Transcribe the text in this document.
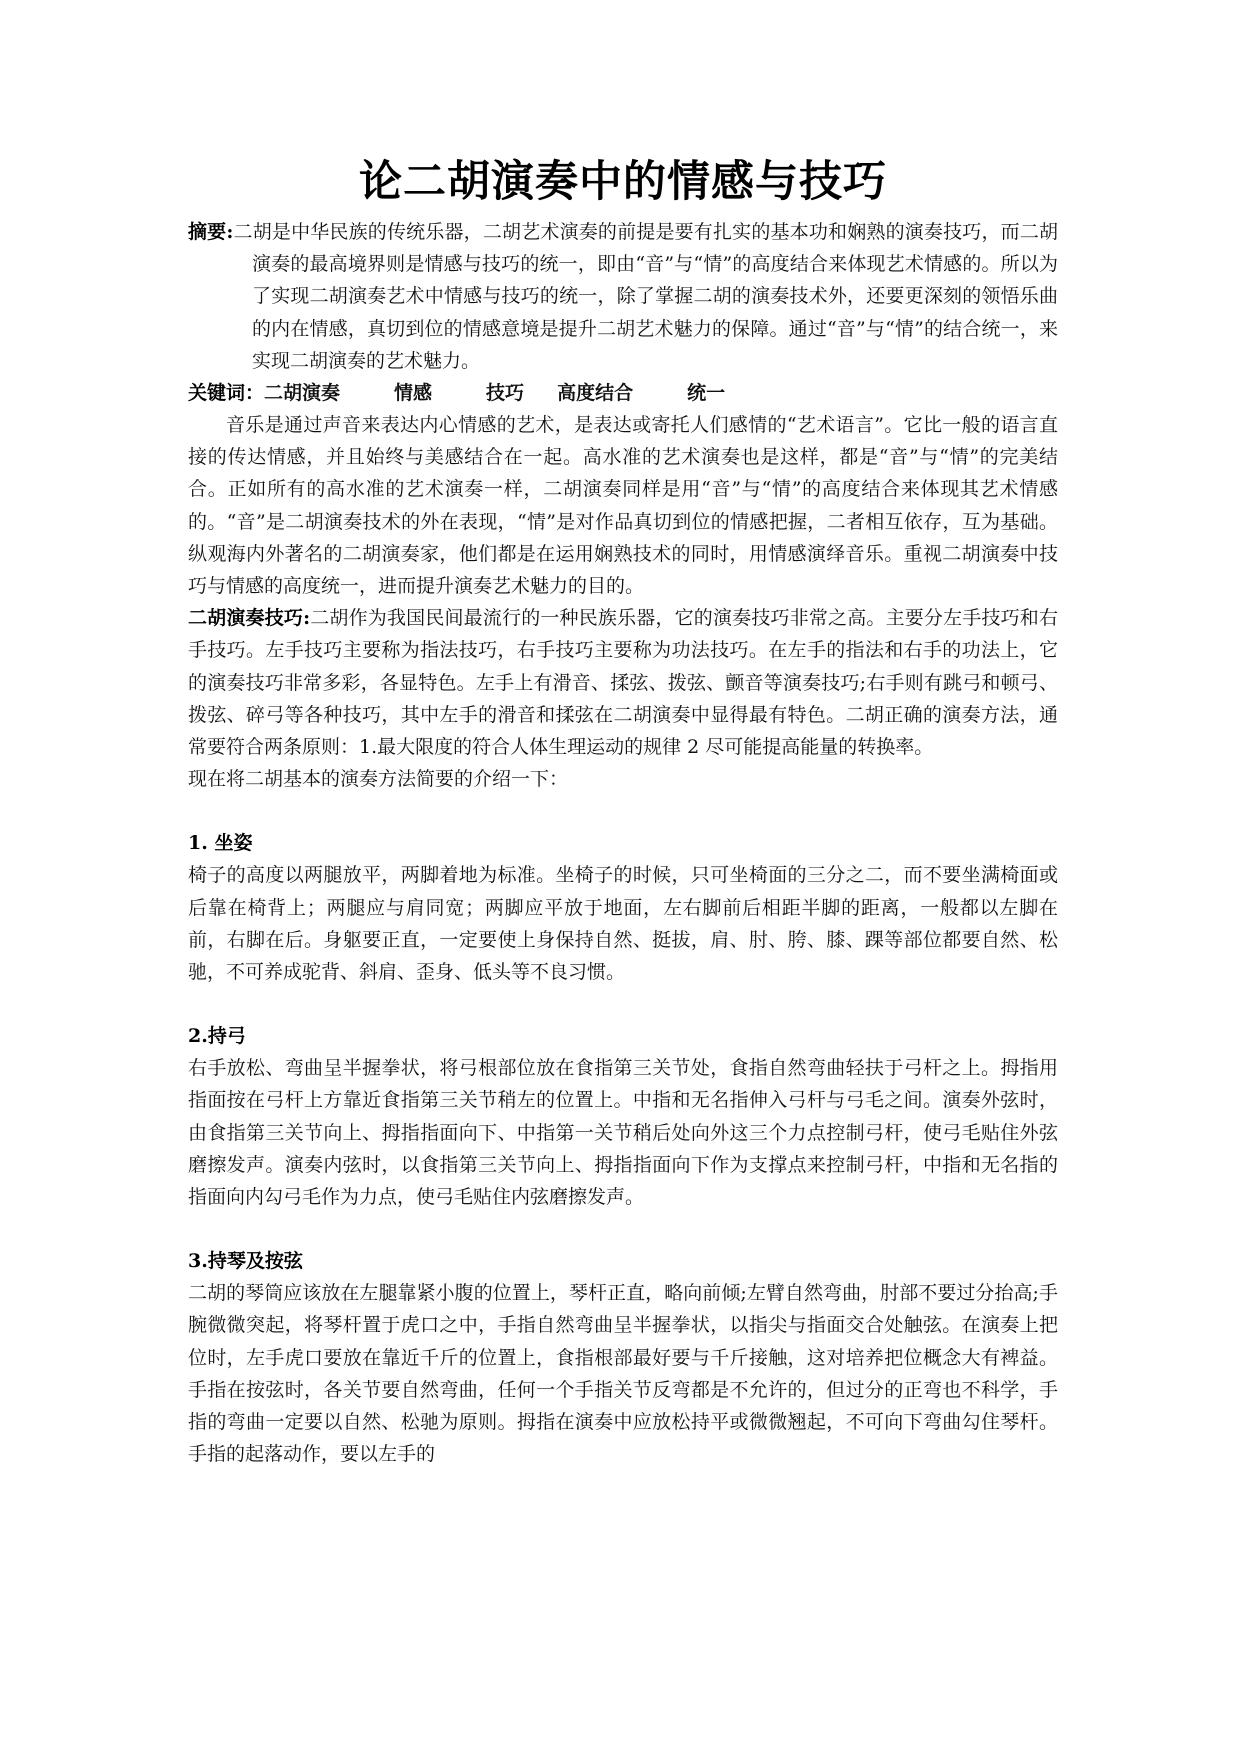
论二胡演奏中的情感与技巧
摘要:二胡是中华民族的传统乐器，二胡艺术演奏的前提是要有扎实的基本功和娴熟的演奏技巧，而二胡演奏的最高境界则是情感与技巧的统一，即由“音”与“情”的高度结合来体现艺术情感的。所以为了实现二胡演奏艺术中情感与技巧的统一，除了掌握二胡的演奏技术外，还要更深刻的领悟乐曲的内在情感，真切到位的情感意境是提升二胡艺术魅力的保障。通过“音”与“情”的结合统一，来实现二胡演奏的艺术魅力。
关键词：二胡演奏	情感	技巧 高度结合	统一

音乐是通过声音来表达内心情感的艺术，是表达或寄托人们感情的“艺术语言”。它比一般的语言直接的传达情感，并且始终与美感结合在一起。高水准的艺术演奏也是这样，都是“音”与“情”的完美结合。正如所有的高水准的艺术演奏一样，二胡演奏同样是用“音”与“情”的高度结合来体现其艺术情感的。“音”是二胡演奏技术的外在表现，“情”是对作品真切到位的情感把握，二者相互依存，互为基础。纵观海内外著名的二胡演奏家，他们都是在运用娴熟技术的同时，用情感演绎音乐。重视二胡演奏中技巧与情感的高度统一，进而提升演奏艺术魅力的目的。

二胡演奏技巧:二胡作为我国民间最流行的一种民族乐器，它的演奏技巧非常之高。主要分左手技巧和右手技巧。左手技巧主要称为指法技巧，右手技巧主要称为功法技巧。在左手的指法和右手的功法上，它的演奏技巧非常多彩，各显特色。左手上有滑音、揉弦、拨弦、颤音等演奏技巧;右手则有跳弓和顿弓、拨弦、碎弓等各种技巧，其中左手的滑音和揉弦在二胡演奏中显得最有特色。二胡正确的演奏方法，通常要符合两条原则：1.最大限度的符合人体生理运动的规律 2 尽可能提高能量的转换率。

现在将二胡基本的演奏方法简要的介绍一下：

1. 坐姿

椅子的高度以两腿放平，两脚着地为标准。坐椅子的时候，只可坐椅面的三分之二，而不要坐满椅面或后靠在椅背上；两腿应与肩同宽；两脚应平放于地面，左右脚前后相距半脚的距离，一般都以左脚在前，右脚在后。身躯要正直，一定要使上身保持自然、挺拔，肩、肘、胯、膝、踝等部位都要自然、松驰，不可养成驼背、斜肩、歪身、低头等不良习惯。

2.持弓

右手放松、弯曲呈半握拳状，将弓根部位放在食指第三关节处，食指自然弯曲轻扶于弓杆之上。拇指用指面按在弓杆上方靠近食指第三关节稍左的位置上。中指和无名指伸入弓杆与弓毛之间。演奏外弦时，由食指第三关节向上、拇指指面向下、中指第一关节稍后处向外这三个力点控制弓杆，使弓毛贴住外弦磨擦发声。演奏内弦时，以食指第三关节向上、拇指指面向下作为支撑点来控制弓杆，中指和无名指的指面向内勾弓毛作为力点，使弓毛贴住内弦磨擦发声。

3.持琴及按弦

二胡的琴筒应该放在左腿靠紧小腹的位置上，琴杆正直，略向前倾;左臂自然弯曲，肘部不要过分抬高;手腕微微突起，将琴杆置于虎口之中，手指自然弯曲呈半握拳状，以指尖与指面交合处触弦。在演奏上把位时，左手虎口要放在靠近千斤的位置上，食指根部最好要与千斤接触，这对培养把位概念大有裨益。手指在按弦时，各关节要自然弯曲，任何一个手指关节反弯都是不允许的，但过分的正弯也不科学，手指的弯曲一定要以自然、松驰为原则。拇指在演奏中应放松持平或微微翘起，不可向下弯曲勾住琴杆。手指的起落动作，要以左手的
